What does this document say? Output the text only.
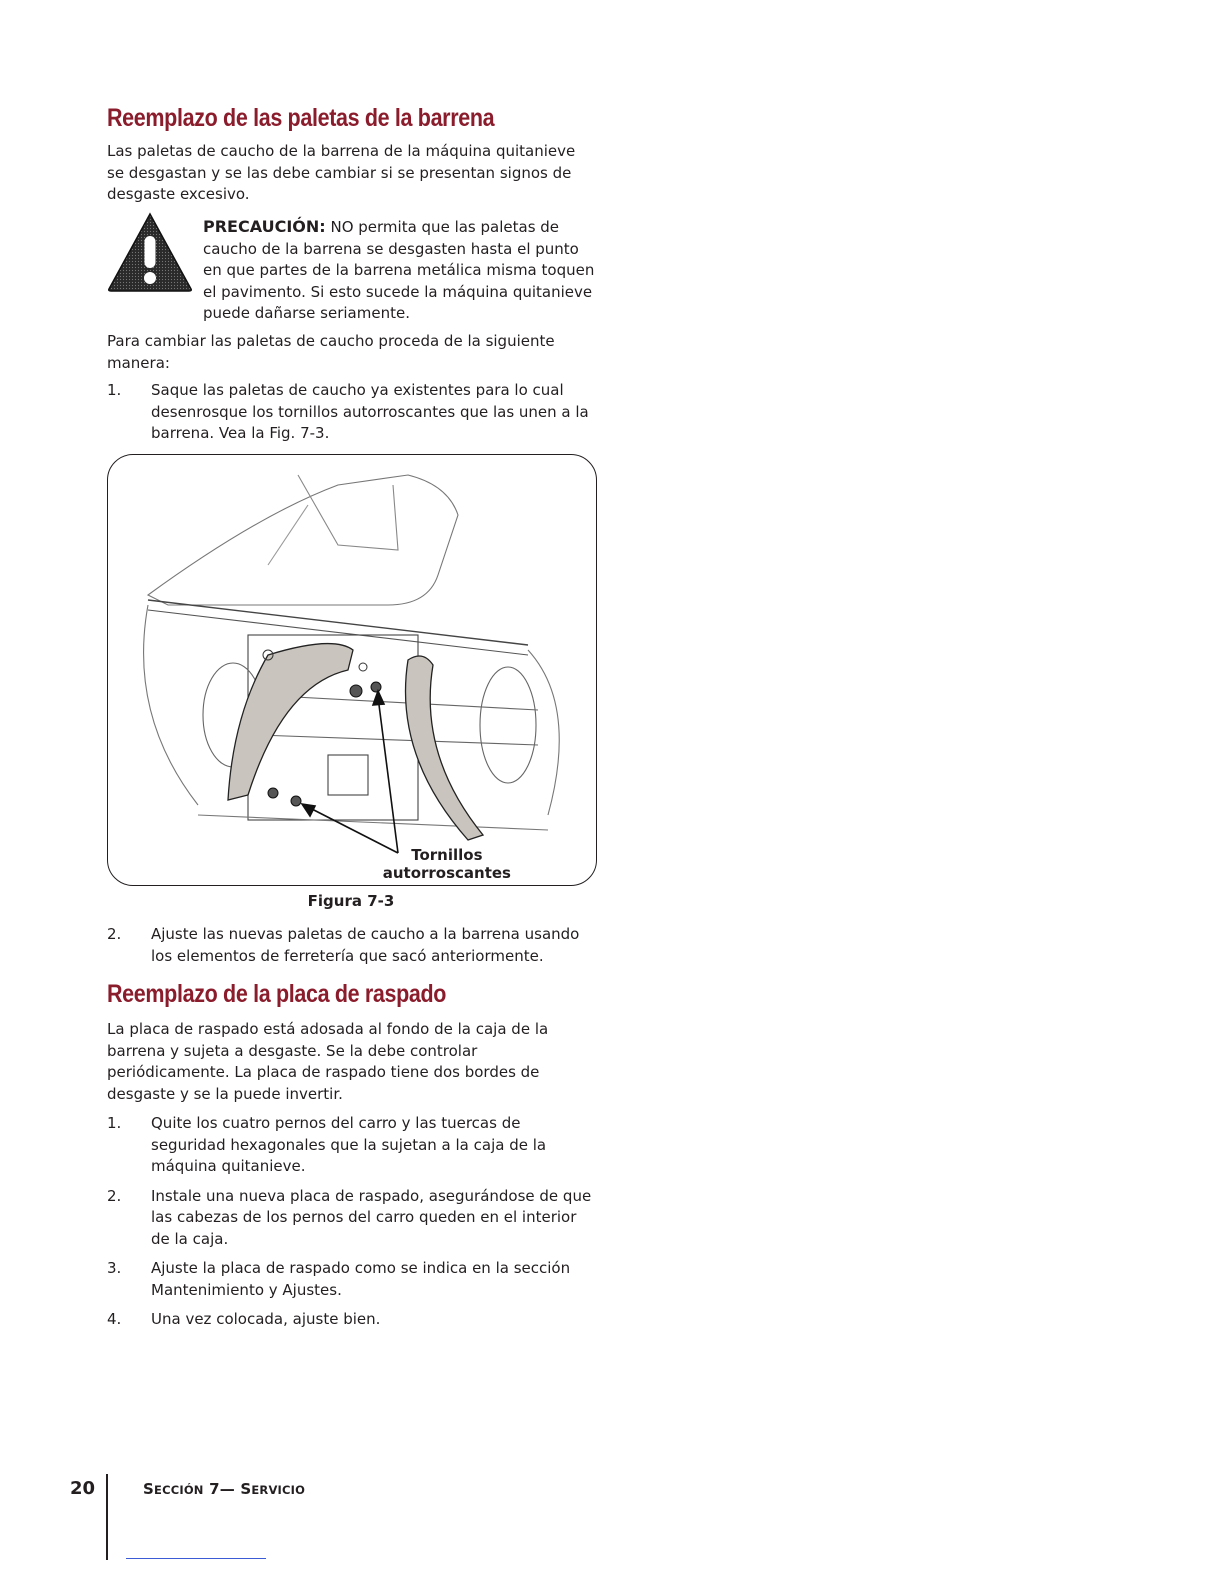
Reemplazo de las paletas de la barrena

Las paletas de caucho de la barrena de la máquina quitanieve se desgastan y se las debe cambiar si se presentan signos de desgaste excesivo.

PRECAUCIÓN: NO permita que las paletas de caucho de la barrena se desgasten hasta el punto en que partes de la barrena metálica misma toquen el pavimento. Si esto sucede la máquina quitanieve puede dañarse seriamente.

Para cambiar las paletas de caucho proceda de la siguiente manera:

1. Saque las paletas de caucho ya existentes para lo cual desenrosque los tornillos autorroscantes que las unen a la barrena. Vea la Fig. 7-3.
Tornillos
autorroscantes
Figura 7-3
2. Ajuste las nuevas paletas de caucho a la barrena usando los elementos de ferretería que sacó anteriormente.
Reemplazo de la placa de raspado

La placa de raspado está adosada al fondo de la caja de la barrena y sujeta a desgaste. Se la debe controlar periódicamente. La placa de raspado tiene dos bordes de desgaste y se la puede invertir.

1. Quite los cuatro pernos del carro y las tuercas de seguridad hexagonales que la sujetan a la caja de la máquina quitanieve.
2. Instale una nueva placa de raspado, asegurándose de que las cabezas de los pernos del carro queden en el interior de la caja.
3. Ajuste la placa de raspado como se indica en la sección Mantenimiento y Ajustes.
4. Una vez colocada, ajuste bien.
20	SECCIÓN 7— SERVICIO
